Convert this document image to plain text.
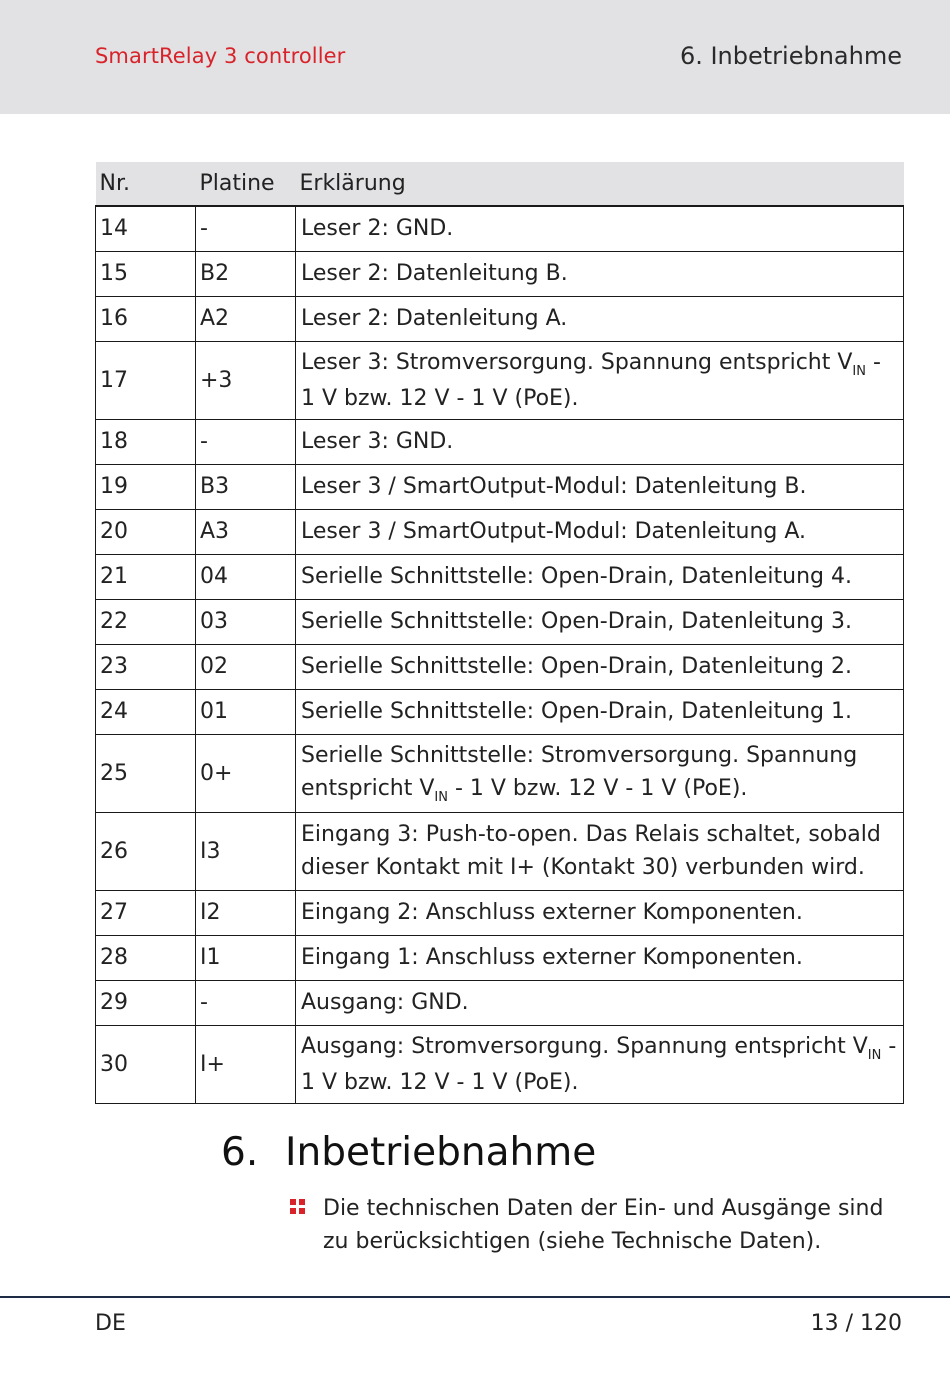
SmartRelay 3 controller	6. Inbetriebnahme
Nr.	Platine	Erklärung
14	-	Leser 2: GND.
15	B2	Leser 2: Datenleitung B.
16	A2	Leser 2: Datenleitung A.
17	+3	Leser 3: Stromversorgung. Spannung entspricht $V_{IN} - 1$ V bzw. 12 V - 1 V (PoE).
18	-	Leser 3: GND.
19	B3	Leser 3 / SmartOutput-Modul: Datenleitung B.
20	A3	Leser 3 / SmartOutput-Modul: Datenleitung A.
21	04	Serielle Schnittstelle: Open-Drain, Datenleitung 4.
22	03	Serielle Schnittstelle: Open-Drain, Datenleitung 3.
23	02	Serielle Schnittstelle: Open-Drain, Datenleitung 2.
24	01	Serielle Schnittstelle: Open-Drain, Datenleitung 1.
25	0+	Serielle Schnittstelle: Stromversorgung. Spannung entspricht $V_{IN} - 1$ V bzw. 12 V - 1 V (PoE).
26	I3	Eingang 3: Push-to-open. Das Relais schaltet, sobald dieser Kontakt mit I+ (Kontakt 30) verbunden wird.
27	I2	Eingang 2: Anschluss externer Komponenten.
28	I1	Eingang 1: Anschluss externer Komponenten.
29	-	Ausgang: GND.
30	I+	Ausgang: Stromversorgung. Spannung entspricht $V_{IN} - 1$ V bzw. 12 V - 1 V (PoE).
6. Inbetriebnahme
Die technischen Daten der Ein- und Ausgänge sind zu berücksichtigen (siehe Technische Daten).
DE	13 / 120
